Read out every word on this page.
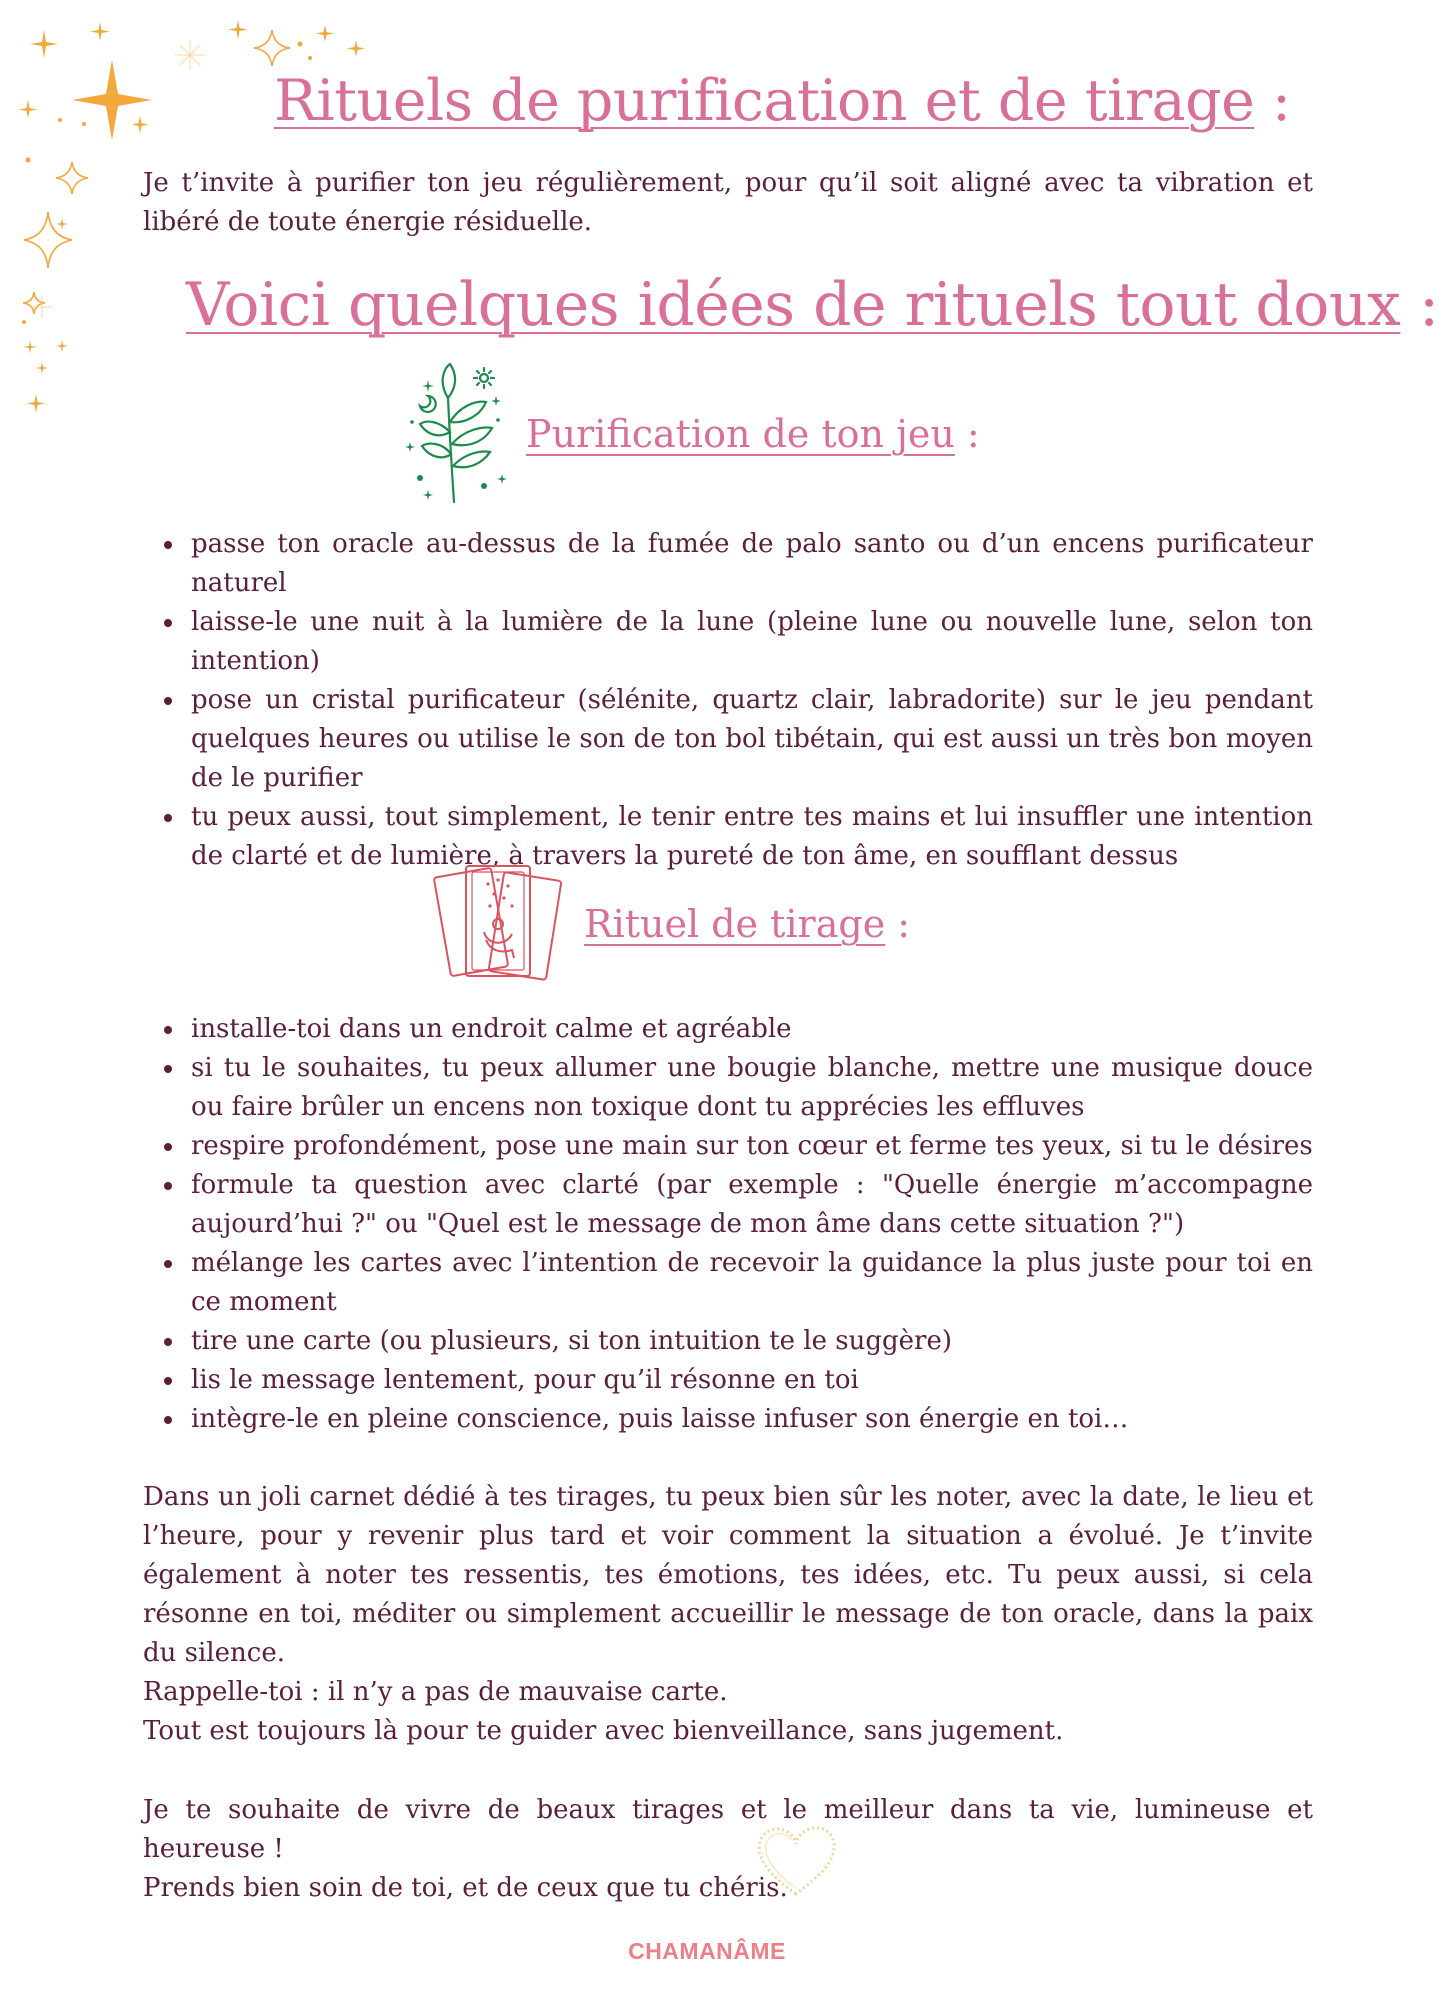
Rituels de purification et de tirage :
Je t’invite à purifier ton jeu régulièrement, pour qu’il soit aligné avec ta vibration et libéré de toute énergie résiduelle.
Voici quelques idées de rituels tout doux :
Purification de ton jeu :
passe ton oracle au-dessus de la fumée de palo santo ou d’un encens purificateur naturel
laisse-le une nuit à la lumière de la lune (pleine lune ou nouvelle lune, selon ton intention)
pose un cristal purificateur (sélénite, quartz clair, labradorite) sur le jeu pendant quelques heures ou utilise le son de ton bol tibétain, qui est aussi un très bon moyen de le purifier
tu peux aussi, tout simplement, le tenir entre tes mains et lui insuffler une intention de clarté et de lumière, à travers la pureté de ton âme, en soufflant dessus
Rituel de tirage :
installe-toi dans un endroit calme et agréable
si tu le souhaites, tu peux allumer une bougie blanche, mettre une musique douce ou faire brûler un encens non toxique dont tu apprécies les effluves
respire profondément, pose une main sur ton cœur et ferme tes yeux, si tu le désires
formule ta question avec clarté (par exemple : "Quelle énergie m’accompagne aujourd’hui ?" ou "Quel est le message de mon âme dans cette situation ?")
mélange les cartes avec l’intention de recevoir la guidance la plus juste pour toi en ce moment
tire une carte (ou plusieurs, si ton intuition te le suggère)
lis le message lentement, pour qu’il résonne en toi
intègre-le en pleine conscience, puis laisse infuser son énergie en toi…
Dans un joli carnet dédié à tes tirages, tu peux bien sûr les noter, avec la date, le lieu et l’heure, pour y revenir plus tard et voir comment la situation a évolué. Je t’invite également à noter tes ressentis, tes émotions, tes idées, etc. Tu peux aussi, si cela résonne en toi, méditer ou simplement accueillir le message de ton oracle, dans la paix du silence.
Rappelle-toi : il n’y a pas de mauvaise carte.
Tout est toujours là pour te guider avec bienveillance, sans jugement.
Je te souhaite de vivre de beaux tirages et le meilleur dans ta vie, lumineuse et heureuse !
Prends bien soin de toi, et de ceux que tu chéris.
CHAMANÂME
